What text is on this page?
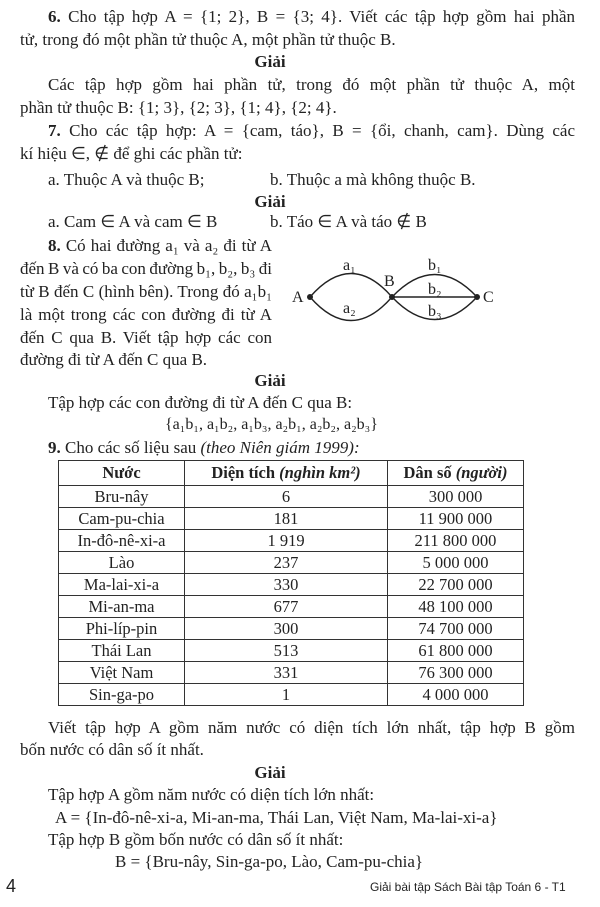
6. Cho tập hợp A = {1; 2}, B = {3; 4}. Viết các tập hợp gồm hai phần
tử, trong đó một phần tử thuộc A, một phần tử thuộc B.
Giải
Các tập hợp gồm hai phần tử, trong đó một phần tử thuộc A, một
phần tử thuộc B: {1; 3}, {2; 3}, {1; 4}, {2; 4}.
7. Cho các tập hợp: A = {cam, táo}, B = {ổi, chanh, cam}. Dùng các
kí hiệu ∈, ∉ để ghi các phần tử:
a. Thuộc A và thuộc B;	b. Thuộc a mà không thuộc B.
Giải
a. Cam ∈ A và cam ∈ B	b. Táo ∈ A và táo ∉ B
8. Có hai đường a₁ và a₂ đi từ A
đến B và có ba con đường b₁, b₂, b₃ đi
từ B đến C (hình bên). Trong đó a₁b₁
là một trong các con đường đi từ A
đến C qua B. Viết tập hợp các con
đường đi từ A đến C qua B.
A
B
C
a₁
a₂
b₁
b₂
b₃
Giải
Tập hợp các con đường đi từ A đến C qua B:
{a₁b₁, a₁b₂, a₁b₃, a₂b₁, a₂b₂, a₂b₃}
9. Cho các số liệu sau (theo Niên giám 1999):
Nước	Diện tích (nghìn km²)	Dân số (người)
Bru-nây	6	300 000
Cam-pu-chia	181	11 900 000
In-đô-nê-xi-a	1 919	211 800 000
Lào	237	5 000 000
Ma-lai-xi-a	330	22 700 000
Mi-an-ma	677	48 100 000
Phi-líp-pin	300	74 700 000
Thái Lan	513	61 800 000
Việt Nam	331	76 300 000
Sin-ga-po	1	4 000 000
Viết tập hợp A gồm năm nước có diện tích lớn nhất, tập hợp B gồm
bốn nước có dân số ít nhất.
Giải
Tập hợp A gồm năm nước có diện tích lớn nhất:
A = {In-đô-nê-xi-a, Mi-an-ma, Thái Lan, Việt Nam, Ma-lai-xi-a}
Tập hợp B gồm bốn nước có dân số ít nhất:
B = {Bru-nây, Sin-ga-po, Lào, Cam-pu-chia}
4	Giải bài tập Sách Bài tập Toán 6 - T1
